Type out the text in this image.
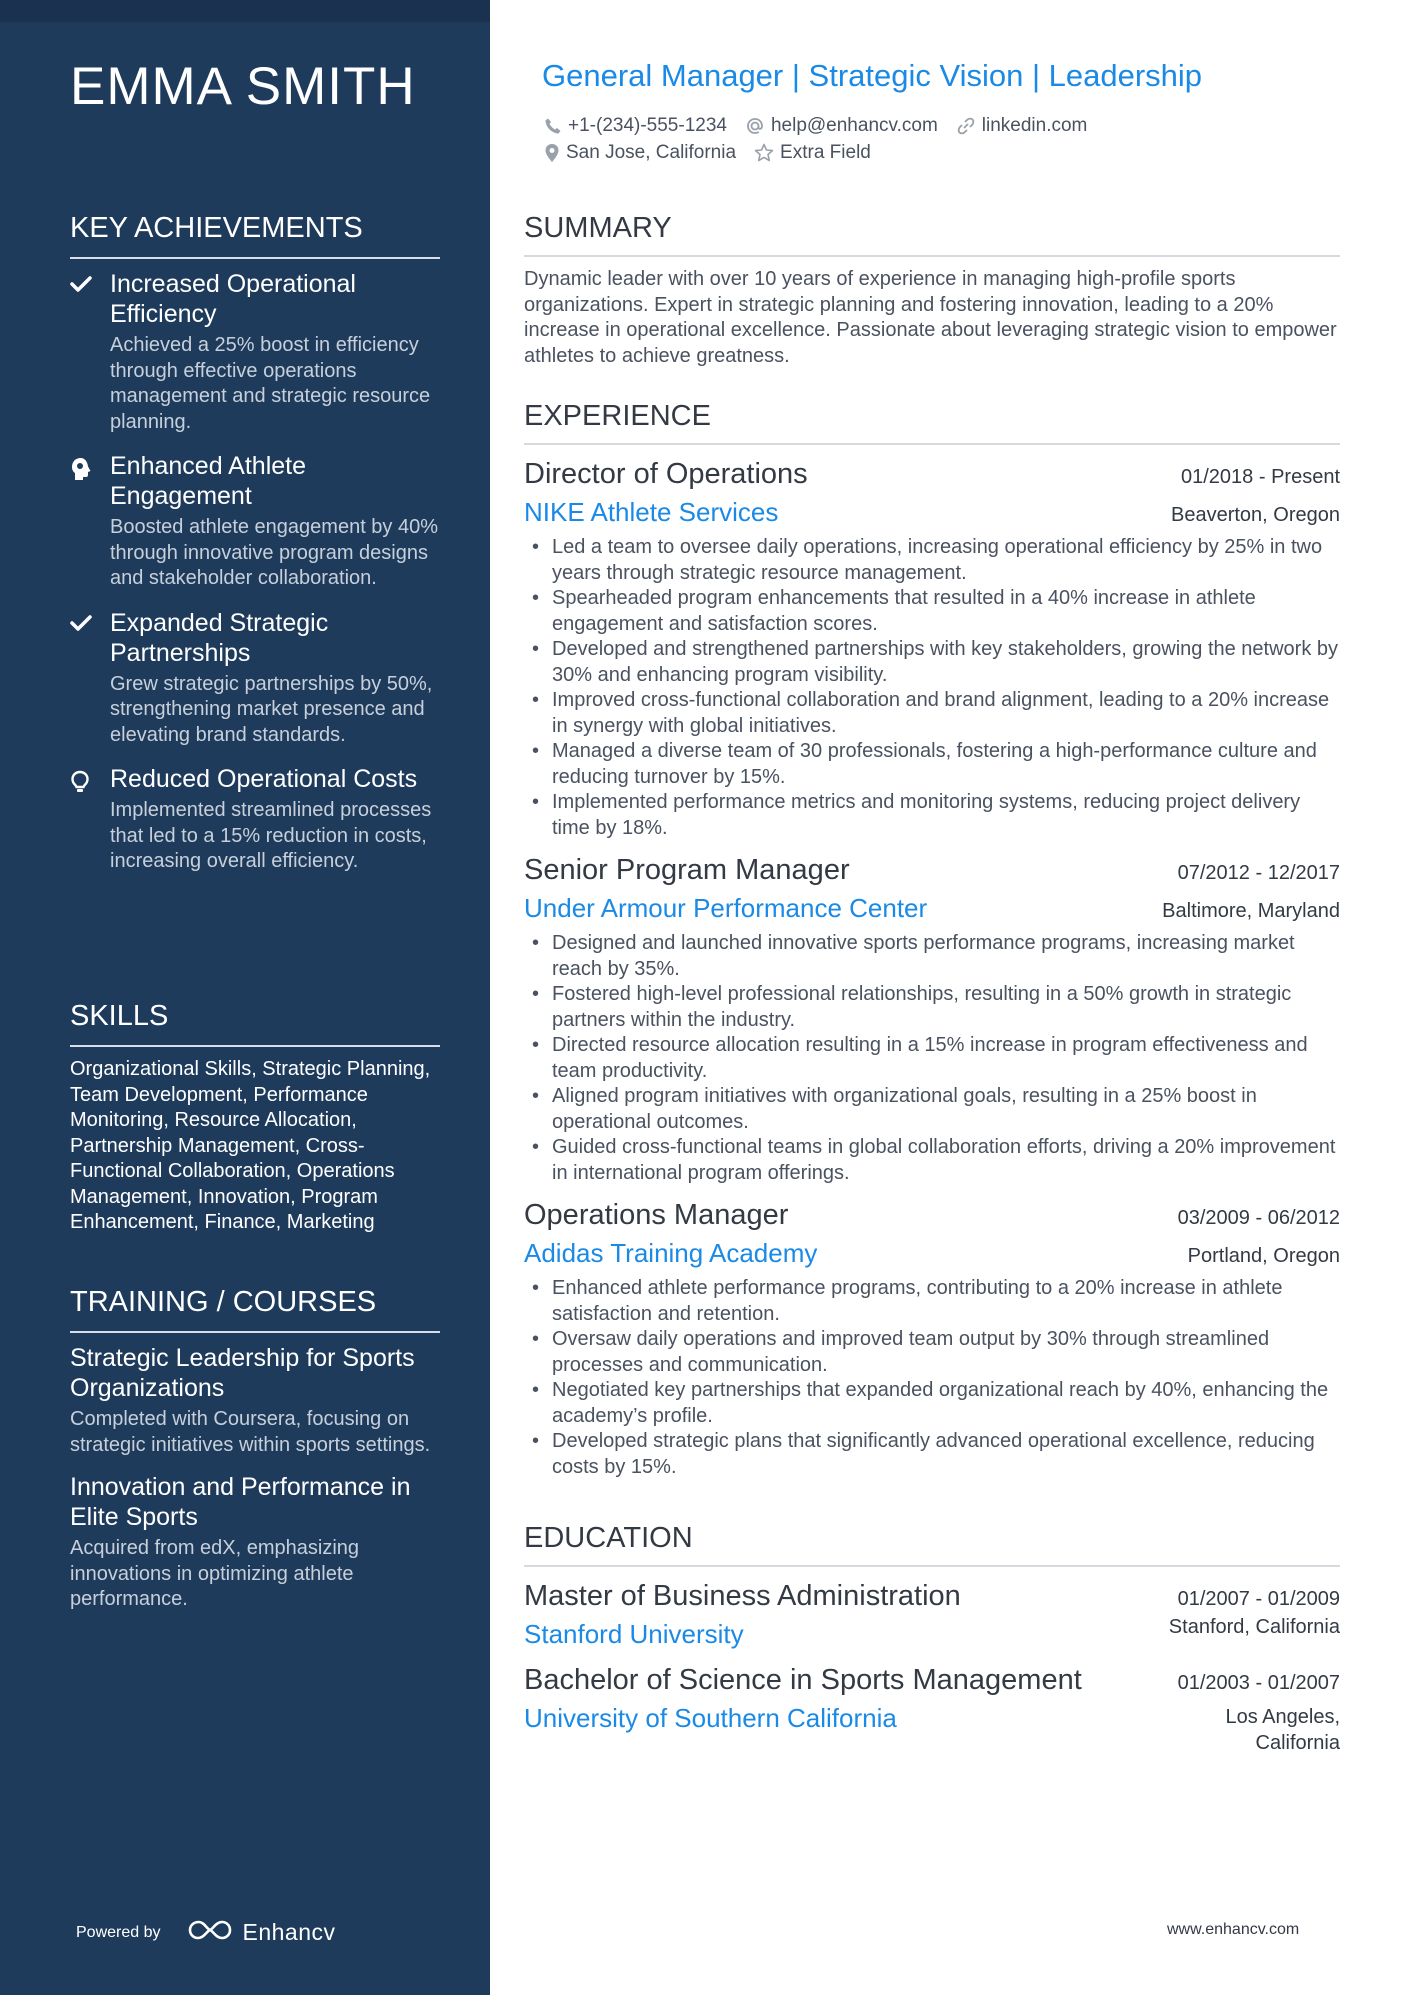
EMMA SMITH
KEY ACHIEVEMENTS
Increased Operational Efficiency
Achieved a 25% boost in efficiency through effective operations management and strategic resource planning.
Enhanced Athlete Engagement
Boosted athlete engagement by 40% through innovative program designs and stakeholder collaboration.
Expanded Strategic Partnerships
Grew strategic partnerships by 50%, strengthening market presence and elevating brand standards.
Reduced Operational Costs
Implemented streamlined processes that led to a 15% reduction in costs, increasing overall efficiency.
SKILLS
Organizational Skills, Strategic Planning, Team Development, Performance Monitoring, Resource Allocation, Partnership Management, Cross-Functional Collaboration, Operations Management, Innovation, Program Enhancement, Finance, Marketing
TRAINING / COURSES
Strategic Leadership for Sports Organizations
Completed with Coursera, focusing on strategic initiatives within sports settings.
Innovation and Performance in Elite Sports
Acquired from edX, emphasizing innovations in optimizing athlete performance.
Powered by	Enhancv
General Manager | Strategic Vision | Leadership
+1-(234)-555-1234 help@enhancv.com linkedin.com
San Jose, California Extra Field
SUMMARY
Dynamic leader with over 10 years of experience in managing high-profile sports organizations. Expert in strategic planning and fostering innovation, leading to a 20% increase in operational excellence. Passionate about leveraging strategic vision to empower athletes to achieve greatness.
EXPERIENCE
Director of Operations	01/2018 - Present
NIKE Athlete Services	Beaverton, Oregon
• Led a team to oversee daily operations, increasing operational efficiency by 25% in two years through strategic resource management.
• Spearheaded program enhancements that resulted in a 40% increase in athlete engagement and satisfaction scores.
• Developed and strengthened partnerships with key stakeholders, growing the network by 30% and enhancing program visibility.
• Improved cross-functional collaboration and brand alignment, leading to a 20% increase in synergy with global initiatives.
• Managed a diverse team of 30 professionals, fostering a high-performance culture and reducing turnover by 15%.
• Implemented performance metrics and monitoring systems, reducing project delivery time by 18%.
Senior Program Manager	07/2012 - 12/2017
Under Armour Performance Center	Baltimore, Maryland
• Designed and launched innovative sports performance programs, increasing market reach by 35%.
• Fostered high-level professional relationships, resulting in a 50% growth in strategic partners within the industry.
• Directed resource allocation resulting in a 15% increase in program effectiveness and team productivity.
• Aligned program initiatives with organizational goals, resulting in a 25% boost in operational outcomes.
• Guided cross-functional teams in global collaboration efforts, driving a 20% improvement in international program offerings.
Operations Manager	03/2009 - 06/2012
Adidas Training Academy	Portland, Oregon
• Enhanced athlete performance programs, contributing to a 20% increase in athlete satisfaction and retention.
• Oversaw daily operations and improved team output by 30% through streamlined processes and communication.
• Negotiated key partnerships that expanded organizational reach by 40%, enhancing the academy’s profile.
• Developed strategic plans that significantly advanced operational excellence, reducing costs by 15%.
EDUCATION
Master of Business Administration	01/2007 - 01/2009
Stanford University	Stanford, California
Bachelor of Science in Sports Management	01/2003 - 01/2007
University of Southern California	Los Angeles,
California
www.enhancv.com
